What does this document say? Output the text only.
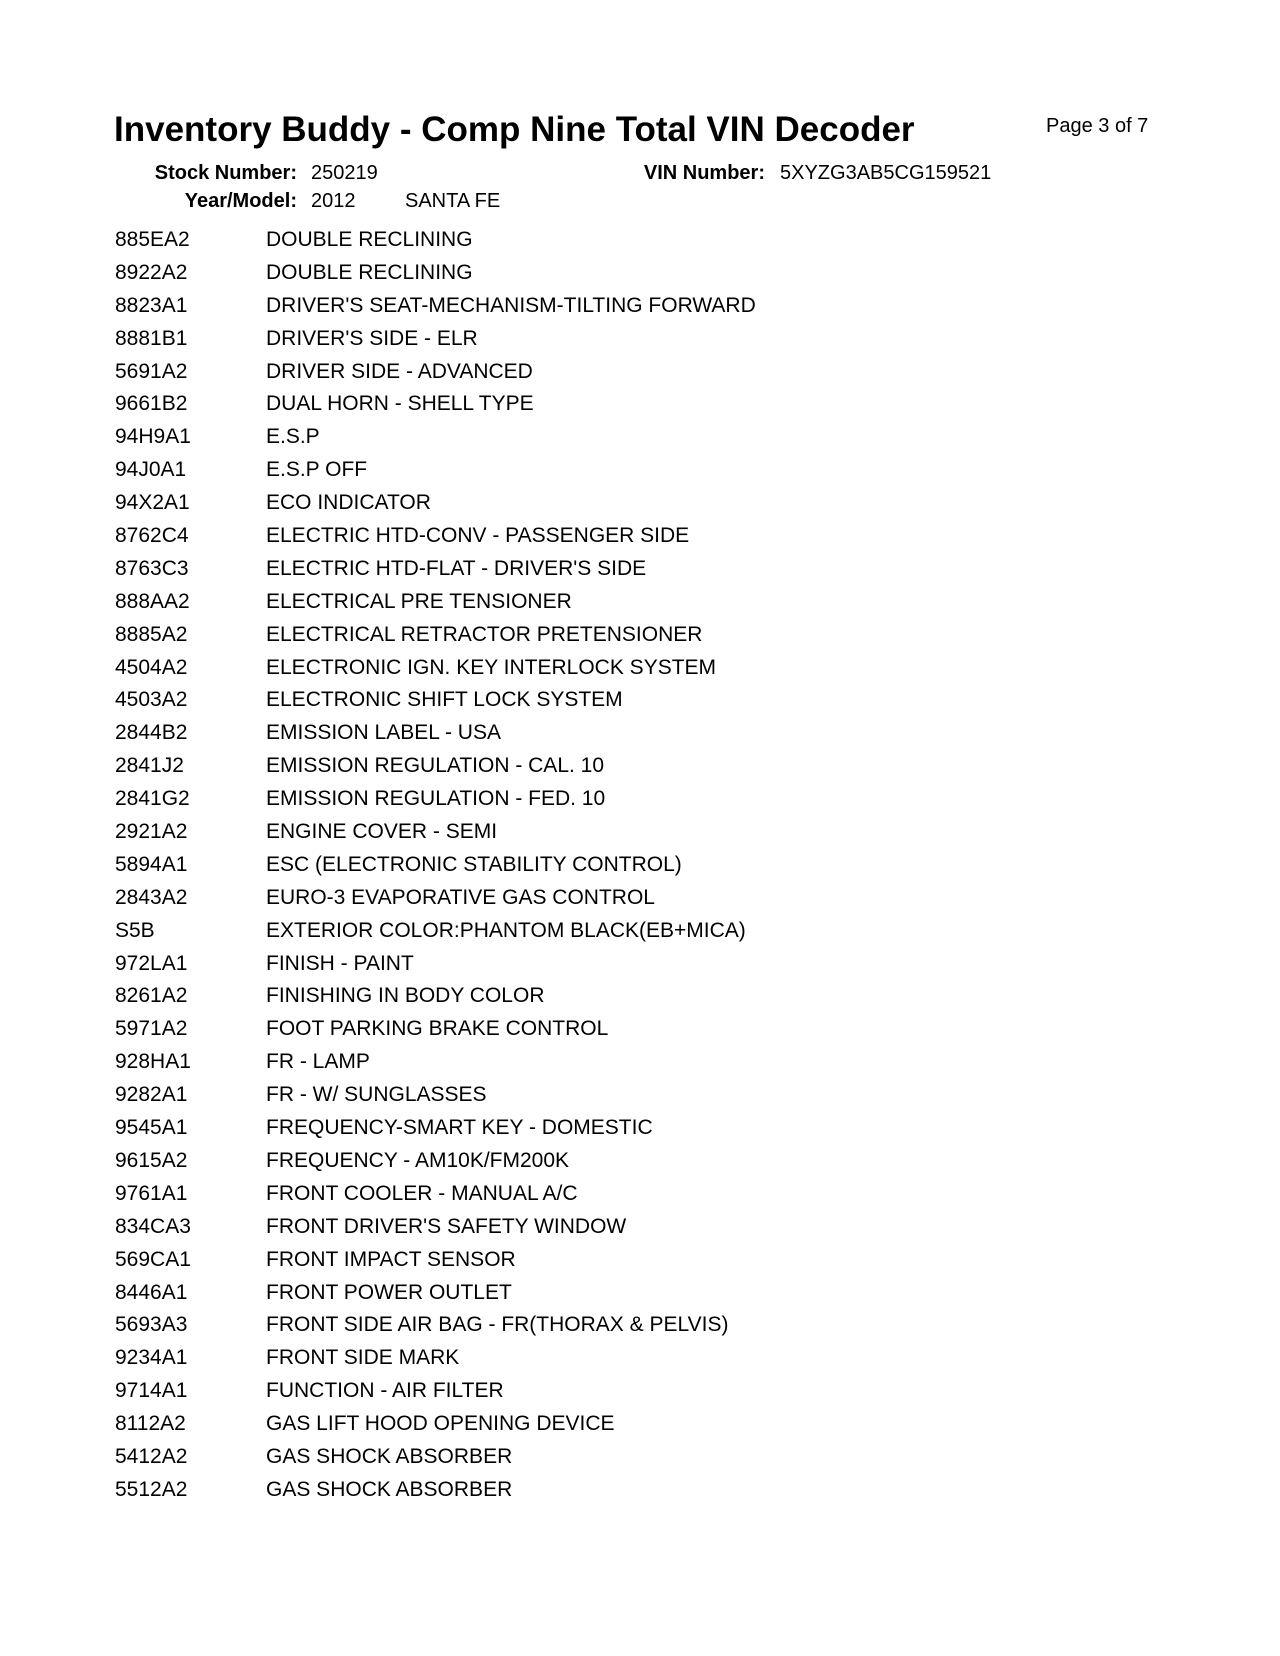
Inventory Buddy - Comp Nine Total VIN Decoder	Page 3 of 7
Stock Number: 250219	VIN Number: 5XYZG3AB5CG159521
Year/Model: 2012 SANTA FE
885EA2	DOUBLE RECLINING
8922A2	DOUBLE RECLINING
8823A1	DRIVER'S SEAT-MECHANISM-TILTING FORWARD
8881B1	DRIVER'S SIDE - ELR
5691A2	DRIVER SIDE - ADVANCED
9661B2	DUAL HORN - SHELL TYPE
94H9A1	E.S.P
94J0A1	E.S.P OFF
94X2A1	ECO INDICATOR
8762C4	ELECTRIC HTD-CONV - PASSENGER SIDE
8763C3	ELECTRIC HTD-FLAT - DRIVER'S SIDE
888AA2	ELECTRICAL PRE TENSIONER
8885A2	ELECTRICAL RETRACTOR PRETENSIONER
4504A2	ELECTRONIC IGN. KEY INTERLOCK SYSTEM
4503A2	ELECTRONIC SHIFT LOCK SYSTEM
2844B2	EMISSION LABEL - USA
2841J2	EMISSION REGULATION - CAL. 10
2841G2	EMISSION REGULATION - FED. 10
2921A2	ENGINE COVER - SEMI
5894A1	ESC (ELECTRONIC STABILITY CONTROL)
2843A2	EURO-3 EVAPORATIVE GAS CONTROL
S5B	EXTERIOR COLOR:PHANTOM BLACK(EB+MICA)
972LA1	FINISH - PAINT
8261A2	FINISHING IN BODY COLOR
5971A2	FOOT PARKING BRAKE CONTROL
928HA1	FR - LAMP
9282A1	FR - W/ SUNGLASSES
9545A1	FREQUENCY-SMART KEY - DOMESTIC
9615A2	FREQUENCY - AM10K/FM200K
9761A1	FRONT COOLER - MANUAL A/C
834CA3	FRONT DRIVER'S SAFETY WINDOW
569CA1	FRONT IMPACT SENSOR
8446A1	FRONT POWER OUTLET
5693A3	FRONT SIDE AIR BAG - FR(THORAX & PELVIS)
9234A1	FRONT SIDE MARK
9714A1	FUNCTION - AIR FILTER
8112A2	GAS LIFT HOOD OPENING DEVICE
5412A2	GAS SHOCK ABSORBER
5512A2	GAS SHOCK ABSORBER
